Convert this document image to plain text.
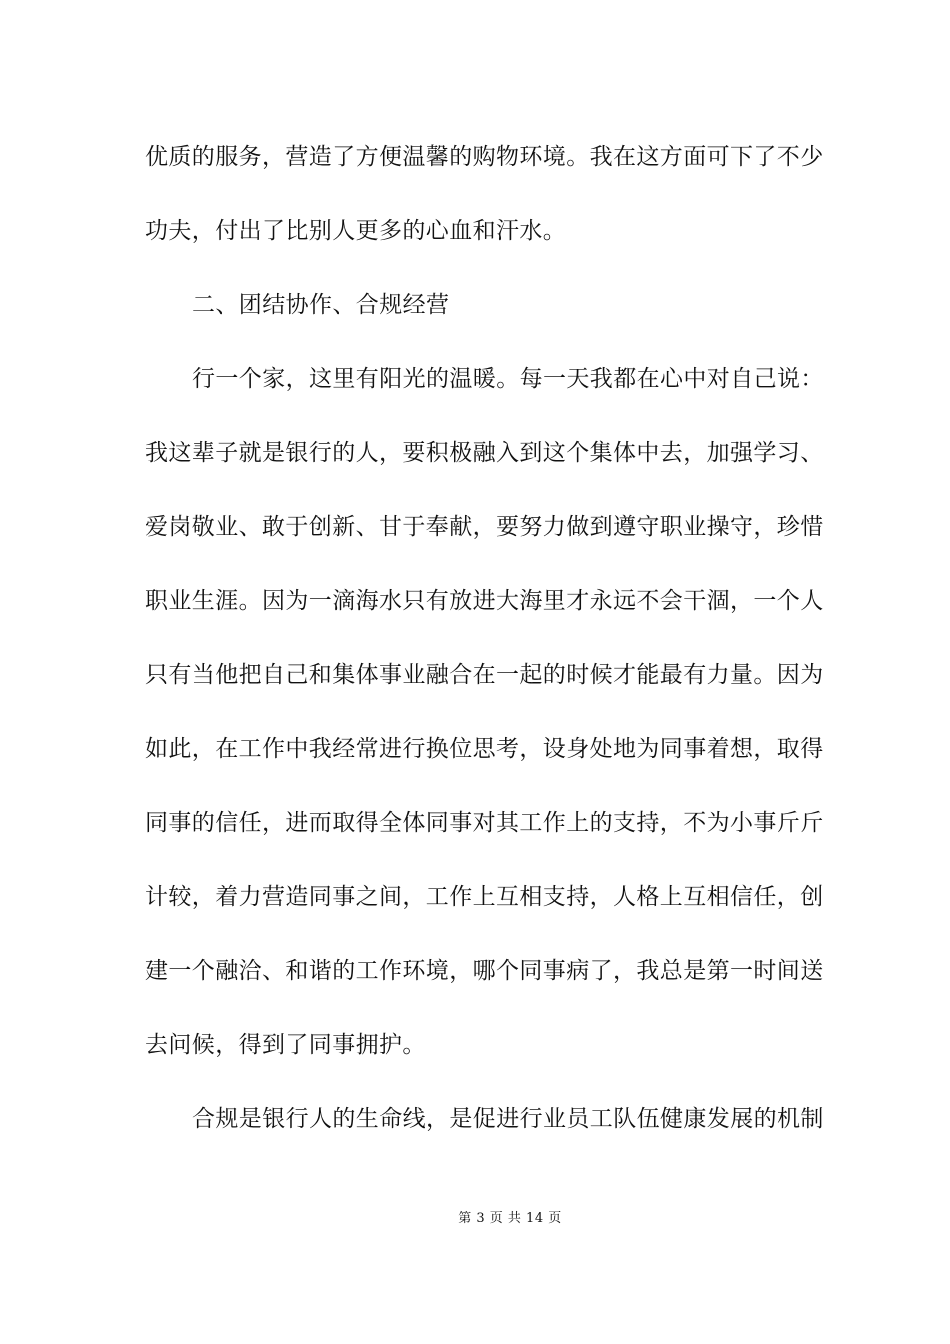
优质的服务，营造了方便温馨的购物环境。我在这方面可下了不少
功夫，付出了比别人更多的心血和汗水。
二、团结协作、合规经营
行一个家，这里有阳光的温暖。每一天我都在心中对自己说：
我这辈子就是银行的人，要积极融入到这个集体中去，加强学习、
爱岗敬业、敢于创新、甘于奉献，要努力做到遵守职业操守，珍惜
职业生涯。因为一滴海水只有放进大海里才永远不会干涸，一个人
只有当他把自己和集体事业融合在一起的时候才能最有力量。因为
如此，在工作中我经常进行换位思考，设身处地为同事着想，取得
同事的信任，进而取得全体同事对其工作上的支持，不为小事斤斤
计较，着力营造同事之间，工作上互相支持，人格上互相信任，创
建一个融洽、和谐的工作环境，哪个同事病了，我总是第一时间送
去问候，得到了同事拥护。
合规是银行人的生命线，是促进行业员工队伍健康发展的机制
第 3 页 共 14 页
